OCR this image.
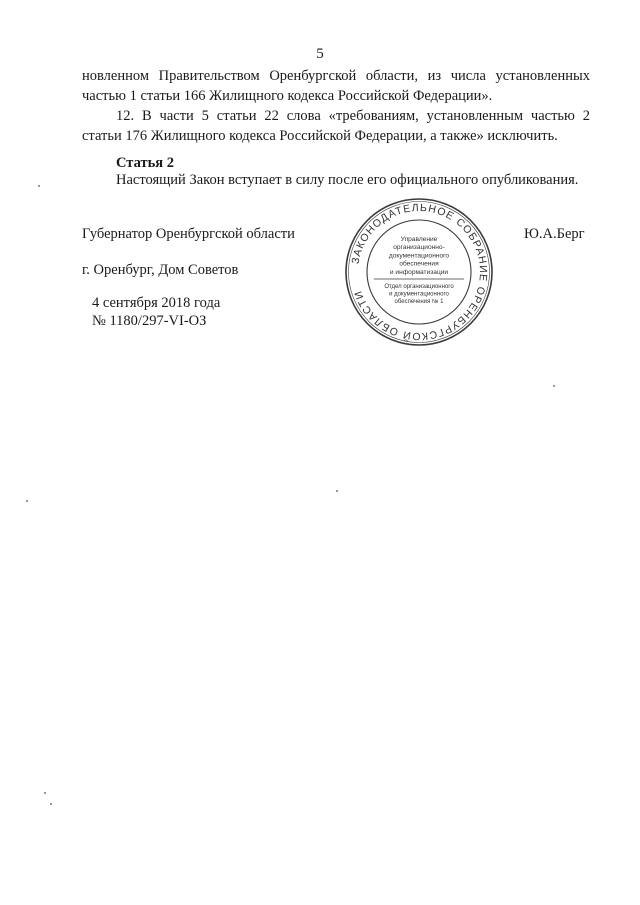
5
новленном Правительством Оренбургской области, из числа установленных
частью 1 статьи 166 Жилищного кодекса Российской Федерации».
12. В части 5 статьи 22 слова «требованиям, установленным частью 2
статьи 176 Жилищного кодекса Российской Федерации, а также» исключить.
Статья 2
Настоящий Закон вступает в силу после его официального опубликования.
Губернатор Оренбургской области	Ю.А.Берг
г. Оренбург, Дом Советов
4 сентября 2018 года
№ 1180/297-VI-ОЗ
ЗАКОНОДАТЕЛЬНОЕ СОБРАНИЕ ОРЕНБУРГСКОЙ ОБЛАСТИ
Управление
организационно-
документационного
обеспечения
и информатизации
Отдел организационного
и документационного
обеспечения № 1
